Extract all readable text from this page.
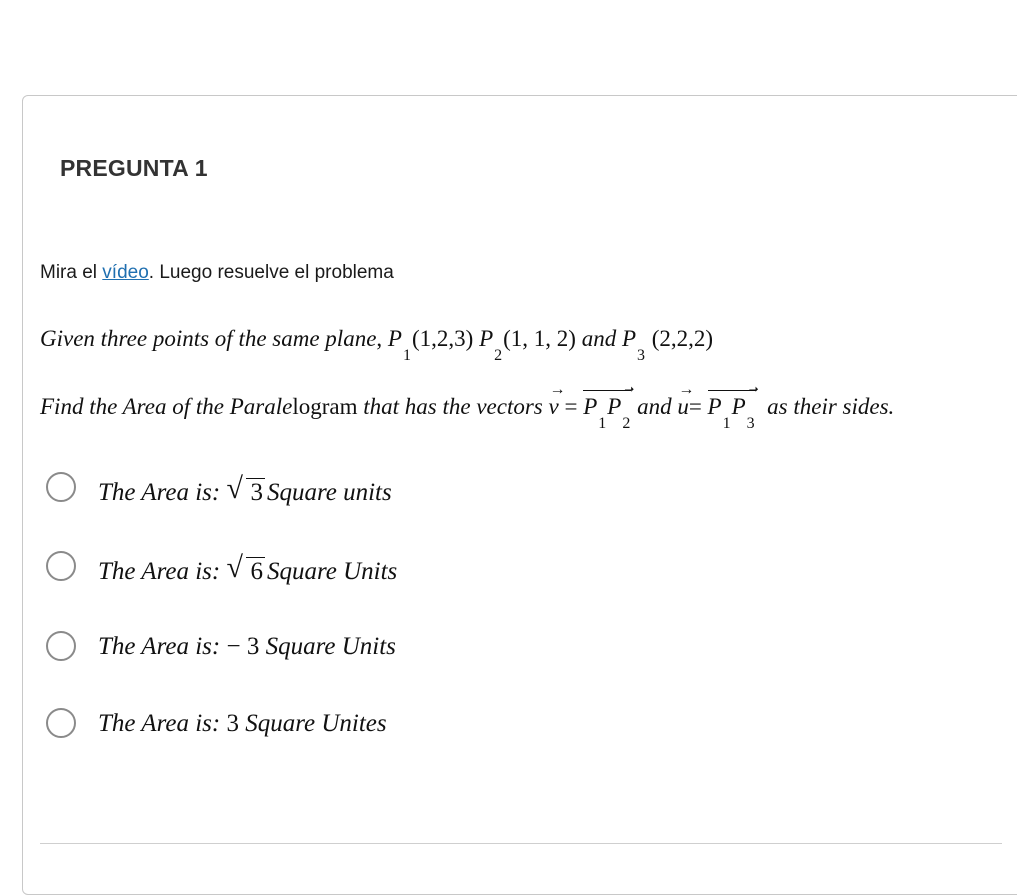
PREGUNTA 1
Mira el vídeo. Luego resuelve el problema
Given three points of the same plane, $P_1(1,2,3)$ $P_2(1$, 1, 2) and $P_3$ (2,2,2)
Find the Area of the Paralelogram that has the vectors
→
v =
➝
$P_1P_2$ and
→
u=
➝
$P_1P_3$  as their sides.
The Area is: √ 3 Square units
The Area is: √ 6 Square Units
The Area is: − 3 Square Units
The Area is: 3 Square Unites
